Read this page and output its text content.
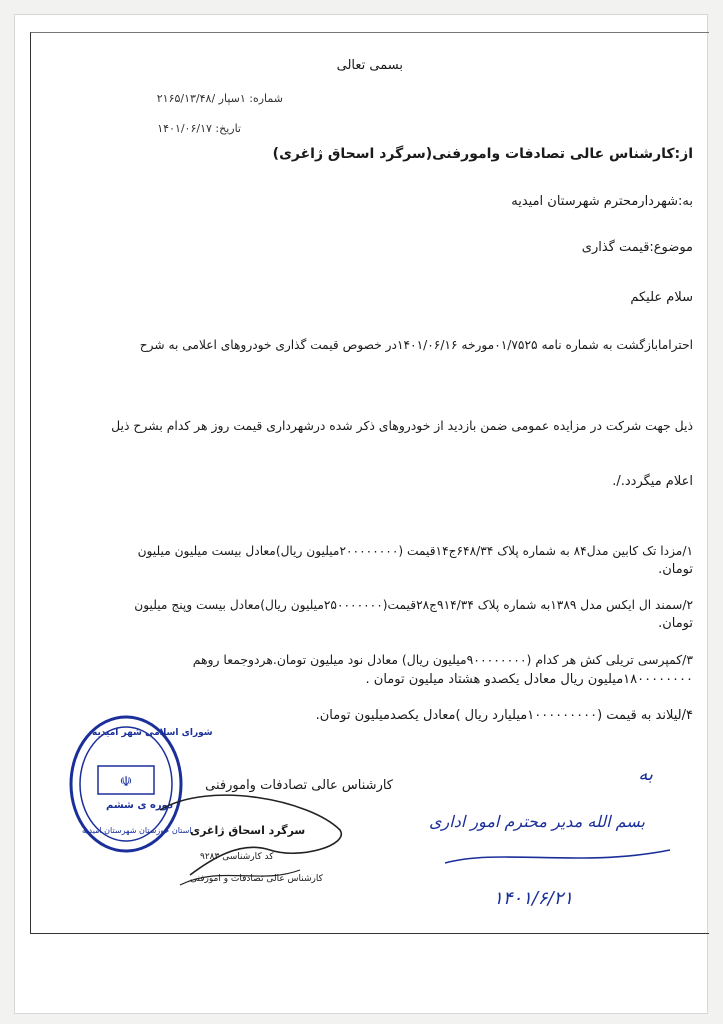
بسمی تعالی
شماره: ۱سپار /۲۱۶۵/۱۳/۴۸
تاریخ: ۱۴۰۱/۰۶/۱۷
از:کارشناس عالی تصادفات وامورفنی(سرگرد اسحاق ژاغری)
به:شهردارمحترم شهرستان امیدیه
موضوع:قیمت گذاری
سلام علیکم
احترامابازگشت به شماره نامه ۰۱/۷۵۲۵مورخه ۱۴۰۱/۰۶/۱۶در خصوص قیمت گذاری خودروهای اعلامی به شرح
ذیل جهت شرکت در مزایده عمومی ضمن بازدید از خودروهای ذکر شده درشهرداری قیمت روز هر کدام بشرح ذیل
اعلام میگردد./.
۱/مزدا تک کابین مدل۸۴ به شماره پلاک ۶۴۸/۳۴ج۱۴قیمت (۲۰۰۰۰۰۰۰۰میلیون ریال)معادل بیست میلیون میلیون
تومان.
۲/سمند ال ایکس مدل ۱۳۸۹به شماره پلاک ۹۱۴/۳۴ج۲۸قیمت(۲۵۰۰۰۰۰۰۰میلیون ریال)معادل بیست وپنج میلیون
تومان.
۳/کمپرسی تریلی کش هر کدام (۹۰۰۰۰۰۰۰۰میلیون ریال) معادل نود میلیون تومان.هردوجمعا روهم
۱۸۰۰۰۰۰۰۰۰میلیون ریال معادل یکصدو هشتاد میلیون تومان .
۴/لیلاند به قیمت (۱۰۰۰۰۰۰۰۰۰میلیارد ریال )معادل یکصدمیلیون تومان.
کارشناس عالی تصادفات وامورفنی
☫
شورای اسلامی شهر امیدیه
دوره ی ششم
استان خوزستان شهرستان امیدیه
سرگرد اسحاق ژاغری
کد کارشناسی ۹۲۸۳
کارشناس عالی تصادفات و امورفنی
به
بسم الله مدیر محترم امور اداری
۱۴۰۱/۶/۲۱
